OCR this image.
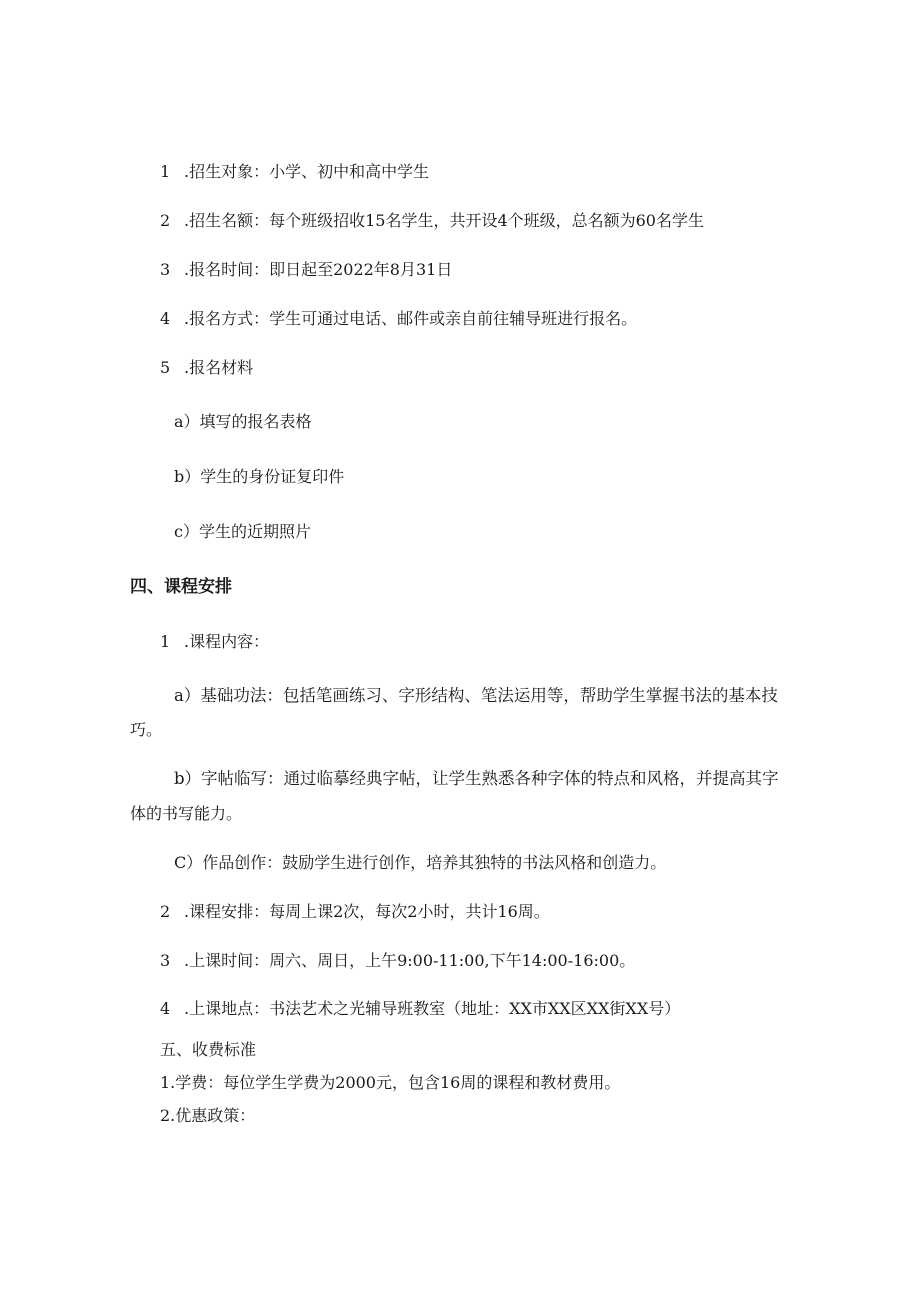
1 .招生对象：小学、初中和高中学生
2 .招生名额：每个班级招收15名学生，共开设4个班级，总名额为60名学生
3 .报名时间：即日起至2022年8月31日
4 .报名方式：学生可通过电话、邮件或亲自前往辅导班进行报名。
5 .报名材料
a）填写的报名表格
b）学生的身份证复印件
c）学生的近期照片
四、课程安排
1 .课程内容：
a）基础功法：包括笔画练习、字形结构、笔法运用等，帮助学生掌握书法的基本技
巧。
b）字帖临写：通过临摹经典字帖，让学生熟悉各种字体的特点和风格，并提高其字
体的书写能力。
C）作品创作：鼓励学生进行创作，培养其独特的书法风格和创造力。
2 .课程安排：每周上课2次，每次2小时，共计16周。
3 .上课时间：周六、周日，上午9:00-11:00,下午14:00-16:00。
4 .上课地点：书法艺术之光辅导班教室（地址：XX市XX区XX街XX号）
五、收费标准
1.学费：每位学生学费为2000元，包含16周的课程和教材费用。
2.优惠政策：
